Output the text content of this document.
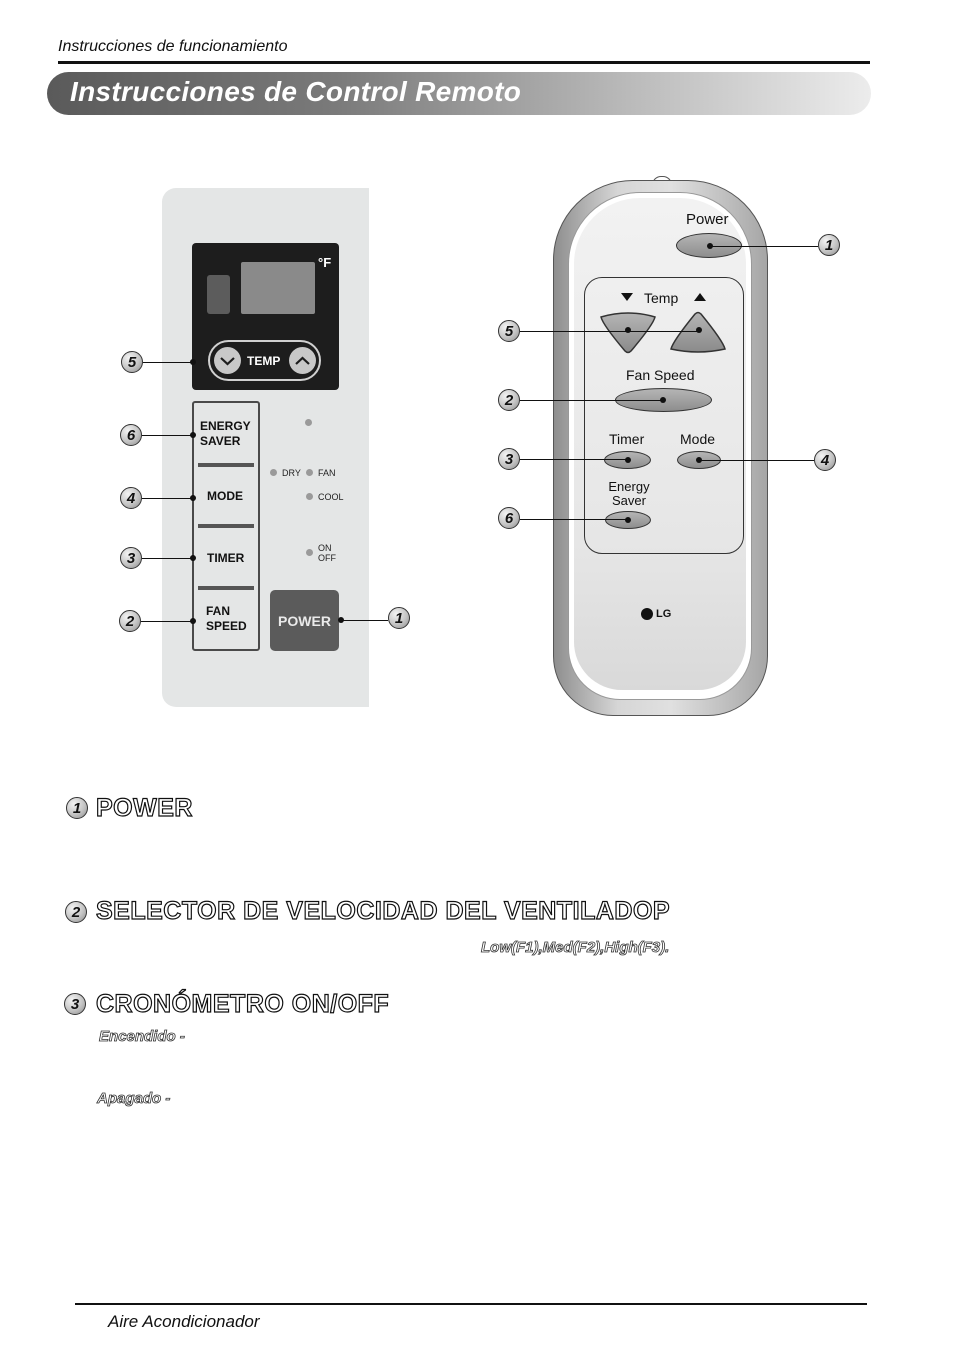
Instrucciones de funcionamiento
Instrucciones de Control Remoto
°F
TEMP
ENERGY
SAVER
MODE
TIMER
FAN
SPEED
DRY FAN
COOL
ON
OFF
POWER
5
6
4
3
2	1
Power
Temp
Fan Speed
Timer	Mode
Energy
Saver
LG
1
5
2
3	4
6
1 POWER
2 SELECTOR DE VELOCIDAD DEL VENTILADOP
Low(F1),Med(F2),High(F3).
3 CRONÓMETRO ON/OFF
Encendido -
Apagado -
Aire Acondicionador
